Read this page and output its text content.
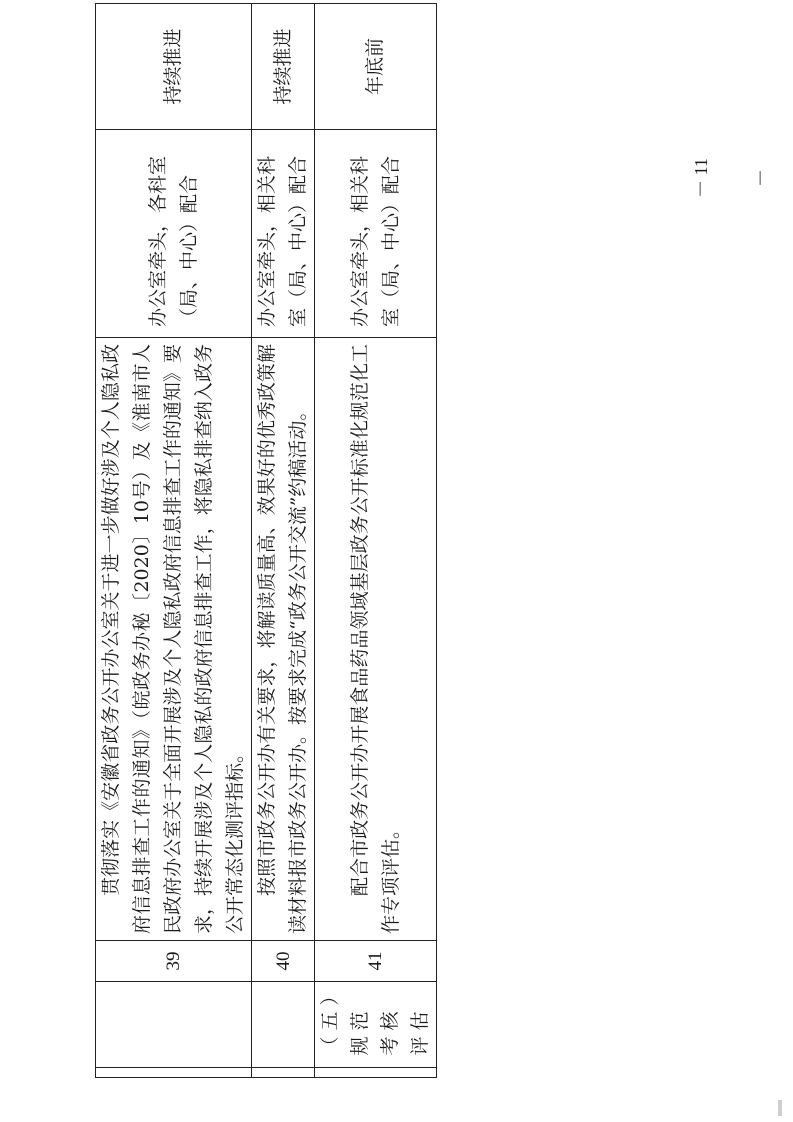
		39	贯彻落实《安徽省政务公开办公室关于进一步做好涉及个人隐私政府信息排查工作的通知》（皖政务办秘〔2020〕10号）及《淮南市人民政府办公室关于全面开展涉及个人隐私政府信息排查工作的通知》要求，持续开展涉及个人隐私的政府信息排查工作，将隐私排查纳入政务公开常态化测评指标。	办公室牵头，各科室（局、中心）配合	持续推进
		40	按照市政务公开办有关要求，将解读质量高、效果好的优秀政策解读材料报市政务公开办。按要求完成“政务公开交流”约稿活动。	办公室牵头，相关科室（局、中心）配合	持续推进
	（五）规范考核评估	41	配合市政务公开办开展食品药品领域基层政务公开标准化规范化工作专项评估。	办公室牵头，相关科室（局、中心）配合	年底前
－ 11 －
